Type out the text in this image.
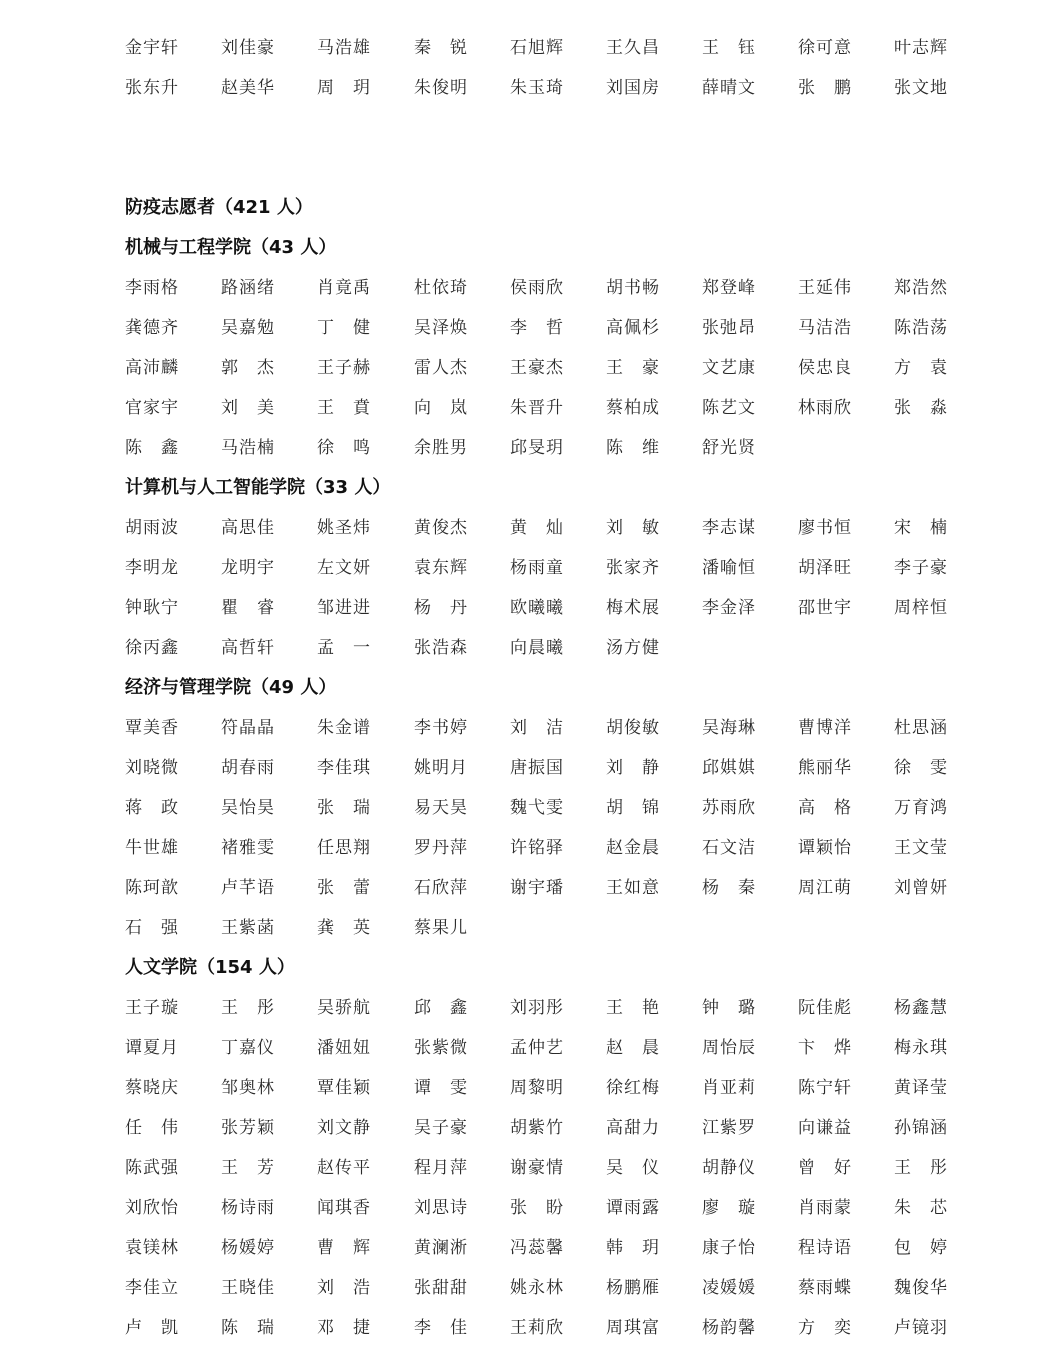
金宇轩	刘佳豪	马浩雄	秦　锐	石旭辉	王久昌	王　钰	徐可意	叶志辉
张东升	赵美华	周　玥	朱俊明	朱玉琦	刘国房	薛晴文	张　鹏	张文地
防疫志愿者（421 人）
机械与工程学院（43 人）
李雨格	路涵绪	肖竟禹	杜依琦	侯雨欣	胡书畅	郑登峰	王延伟	郑浩然
龚德齐	吴嘉勉	丁　健	吴泽焕	李　哲	高佩杉	张弛昂	马洁浩	陈浩荡
高沛麟	郭　杰	王子赫	雷人杰	王豪杰	王　豪	文艺康	侯忠良	方　袁
官家宇	刘　美	王　賁	向　岚	朱晋升	蔡柏成	陈艺文	林雨欣	张　淼
陈　鑫	马浩楠	徐　鸣	余胜男	邱旻玥	陈　维	舒光贤
计算机与人工智能学院（33 人）
胡雨波	高思佳	姚圣炜	黄俊杰	黄　灿	刘　敏	李志谋	廖书恒	宋　楠
李明龙	龙明宇	左文妍	袁东辉	杨雨童	张家齐	潘喻恒	胡泽旺	李子豪
钟耿宁	瞿　睿	邹进进	杨　丹	欧曦曦	梅术展	李金泽	邵世宇	周梓恒
徐丙鑫	高哲轩	孟　一	张浩森	向晨曦	汤方健
经济与管理学院（49 人）
覃美香	符晶晶	朱金谱	李书婷	刘　洁	胡俊敏	吴海琳	曹博洋	杜思涵
刘晓微	胡春雨	李佳琪	姚明月	唐振国	刘　静	邱娸娸	熊丽华	徐　雯
蒋　政	吴怡昊	张　瑞	易天昊	魏弋雯	胡　锦	苏雨欣	高　格	万育鸿
牛世雄	褚雅雯	任思翔	罗丹萍	许铭驿	赵金晨	石文洁	谭颖怡	王文莹
陈珂歆	卢芊语	张　蕾	石欣萍	谢宇璠	王如意	杨　秦	周江萌	刘曾妍
石　强	王紫菡	龚　英	蔡果儿
人文学院（154 人）
王子璇	王　彤	吴骄航	邱　鑫	刘羽彤	王　艳	钟　璐	阮佳彪	杨鑫慧
谭夏月	丁嘉仪	潘妞妞	张紫微	孟仲艺	赵　晨	周怡辰	卞　烨	梅永琪
蔡晓庆	邹奥林	覃佳颖	谭　雯	周黎明	徐红梅	肖亚莉	陈宁轩	黄译莹
任　伟	张芳颖	刘文静	吴子豪	胡紫竹	高甜力	江紫罗	向谦益	孙锦涵
陈武强	王　芳	赵传平	程月萍	谢豪情	吴　仪	胡静仪	曾　好	王　彤
刘欣怡	杨诗雨	闻琪香	刘思诗	张　盼	谭雨露	廖　璇	肖雨蒙	朱　芯
袁镁林	杨媛婷	曹　辉	黄澜淅	冯蕊馨	韩　玥	康子怡	程诗语	包　婷
李佳立	王晓佳	刘　浩	张甜甜	姚永林	杨鹏雁	凌媛媛	蔡雨蝶	魏俊华
卢　凯	陈　瑞	邓　捷	李　佳	王莉欣	周琪富	杨韵馨	方　奕	卢镜羽
